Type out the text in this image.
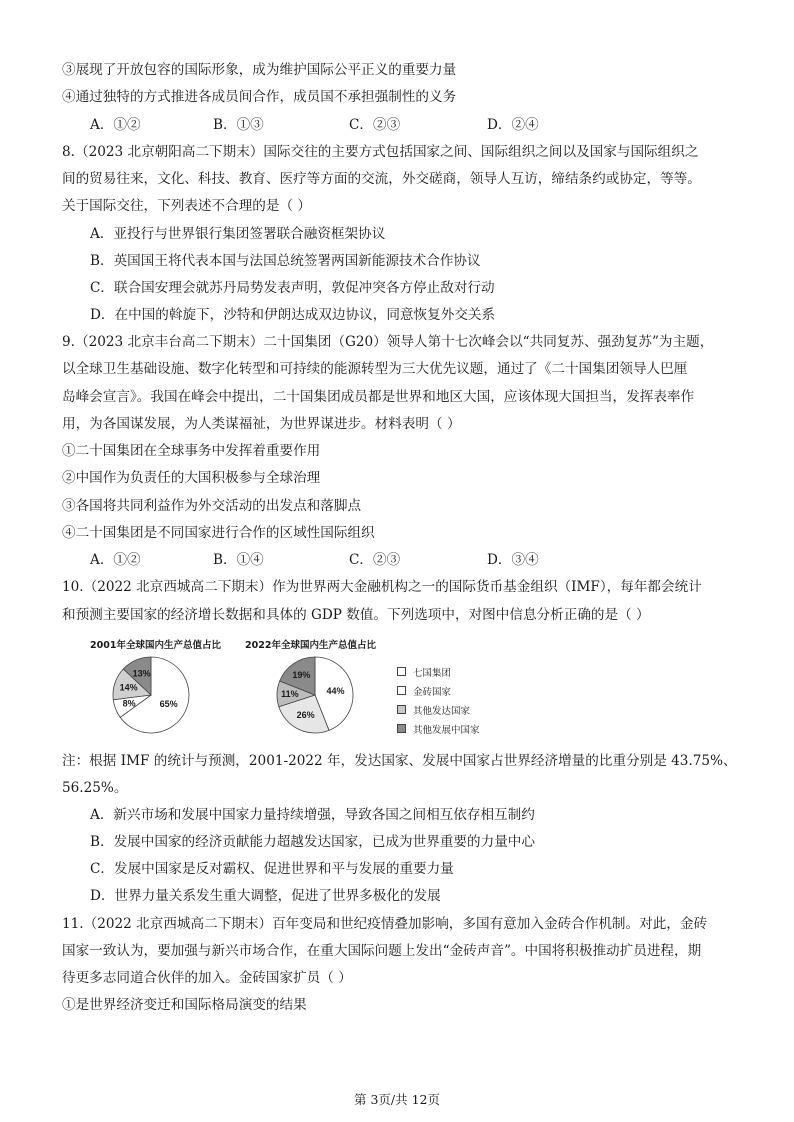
③展现了开放包容的国际形象，成为维护国际公平正义的重要力量
④通过独特的方式推进各成员间合作，成员国不承担强制性的义务
A．①②	B．①③	C．②③	D．②④
8.（2023 北京朝阳高二下期末）国际交往的主要方式包括国家之间、国际组织之间以及国家与国际组织之
间的贸易往来，文化、科技、教育、医疗等方面的交流，外交磋商，领导人互访，缔结条约或协定，等等。
关于国际交往，下列表述不合理的是（ ）
A．亚投行与世界银行集团签署联合融资框架协议
B．英国国王将代表本国与法国总统签署两国新能源技术合作协议
C．联合国安理会就苏丹局势发表声明，敦促冲突各方停止敌对行动
D．在中国的斡旋下，沙特和伊朗达成双边协议，同意恢复外交关系
9.（2023 北京丰台高二下期末）二十国集团（G20）领导人第十七次峰会以“共同复苏、强劲复苏”为主题，
以全球卫生基础设施、数字化转型和可持续的能源转型为三大优先议题，通过了《二十国集团领导人巴厘
岛峰会宣言》。我国在峰会中提出，二十国集团成员都是世界和地区大国，应该体现大国担当，发挥表率作
用，为各国谋发展，为人类谋福祉，为世界谋进步。材料表明（ ）
①二十国集团在全球事务中发挥着重要作用
②中国作为负责任的大国积极参与全球治理
③各国将共同利益作为外交活动的出发点和落脚点
④二十国集团是不同国家进行合作的区域性国际组织
A．①②	B．①④	C．②③	D．③④
10.（2022 北京西城高二下期末）作为世界两大金融机构之一的国际货币基金组织（IMF），每年都会统计
和预测主要国家的经济增长数据和具体的 GDP 数值。下列选项中，对图中信息分析正确的是（ ）
2001年全球国内生产总值占比	2022年全球国内生产总值占比
65%
8%
14%
13%
44%
26%
11%
19%	七国集团
金砖国家
其他发达国家
其他发展中国家
注：根据 IMF 的统计与预测，2001-2022 年，发达国家、发展中国家占世界经济增量的比重分别是 43.75%、
56.25%。
A．新兴市场和发展中国家力量持续增强，导致各国之间相互依存相互制约
B．发展中国家的经济贡献能力超越发达国家，已成为世界重要的力量中心
C．发展中国家是反对霸权、促进世界和平与发展的重要力量
D．世界力量关系发生重大调整，促进了世界多极化的发展
11.（2022 北京西城高二下期末）百年变局和世纪疫情叠加影响，多国有意加入金砖合作机制。对此，金砖
国家一致认为，要加强与新兴市场合作，在重大国际问题上发出“金砖声音”。中国将积极推动扩员进程，期
待更多志同道合伙伴的加入。金砖国家扩员（ ）
①是世界经济变迁和国际格局演变的结果
第 3页/共 12页
